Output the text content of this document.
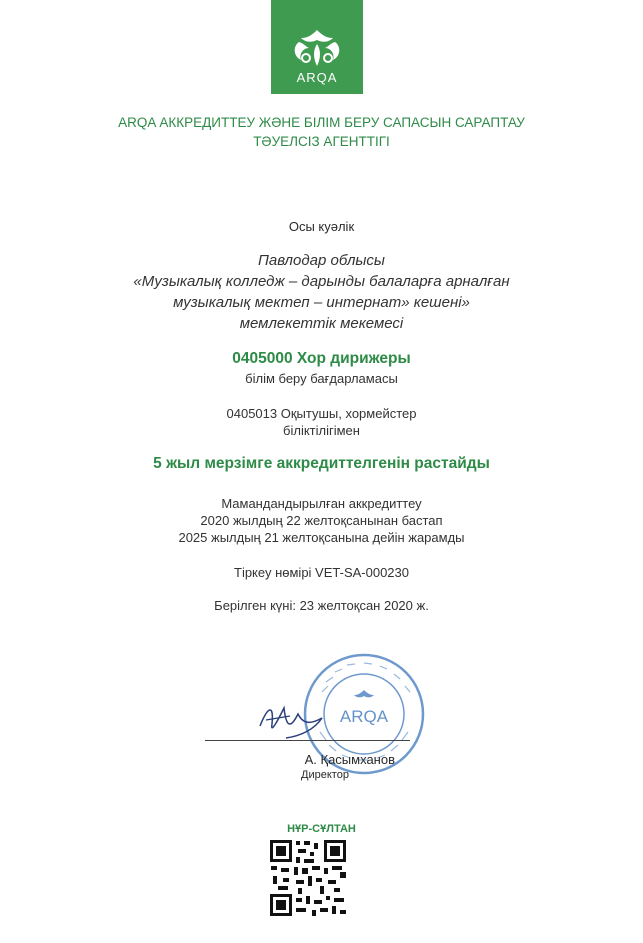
ARQA
ARQA АККРЕДИТТЕУ ЖӘНЕ БІЛІМ БЕРУ САПАСЫН САРАПТАУ
ТӘУЕЛСІЗ АГЕНТТІГІ
Осы куәлік
Павлодар облысы
«Музыкалық колледж – дарынды балаларға арналған
музыкалық мектеп – интернат» кешені»
мемлекеттік мекемесі
0405000 Хор дирижеры
білім беру бағдарламасы
0405013 Оқытушы, хормейстер
біліктілігімен
5 жыл мерзімге аккредиттелгенін растайды
Мамандандырылған аккредиттеу
2020 жылдың 22 желтоқсанынан бастап
2025 жылдың 21 желтоқсанына дейін жарамды
Тіркеу нөмірі VET-SA-000230
Берілген күні: 23 желтоқсан 2020 ж.
ARQA
А. Қасымханов
Директор
НҰР-СҰЛТАН
